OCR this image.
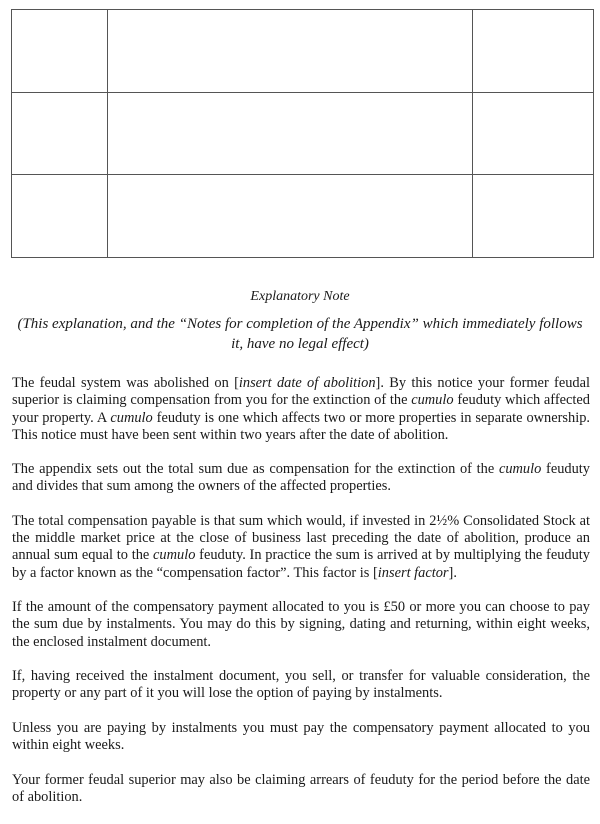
Explanatory Note
(This explanation, and the “Notes for completion of the Appendix” which immediately follows it, have no legal effect)

The feudal system was abolished on [insert date of abolition]. By this notice your former feudal superior is claiming compensation from you for the extinction of the cumulo feuduty which affected your property. A cumulo feuduty is one which affects two or more properties in separate ownership. This notice must have been sent within two years after the date of abolition.

The appendix sets out the total sum due as compensation for the extinction of the cumulo feuduty and divides that sum among the owners of the affected properties.

The total compensation payable is that sum which would, if invested in 2½% Consolidated Stock at the middle market price at the close of business last preceding the date of abolition, produce an annual sum equal to the cumulo feuduty. In practice the sum is arrived at by multiplying the feuduty by a factor known as the “compensation factor”. This factor is [insert factor].

If the amount of the compensatory payment allocated to you is £50 or more you can choose to pay the sum due by instalments. You may do this by signing, dating and returning, within eight weeks, the enclosed instalment document.

If, having received the instalment document, you sell, or transfer for valuable consideration, the property or any part of it you will lose the option of paying by instalments.

Unless you are paying by instalments you must pay the compensatory payment allocated to you within eight weeks.

Your former feudal superior may also be claiming arrears of feuduty for the period before the date of abolition.
